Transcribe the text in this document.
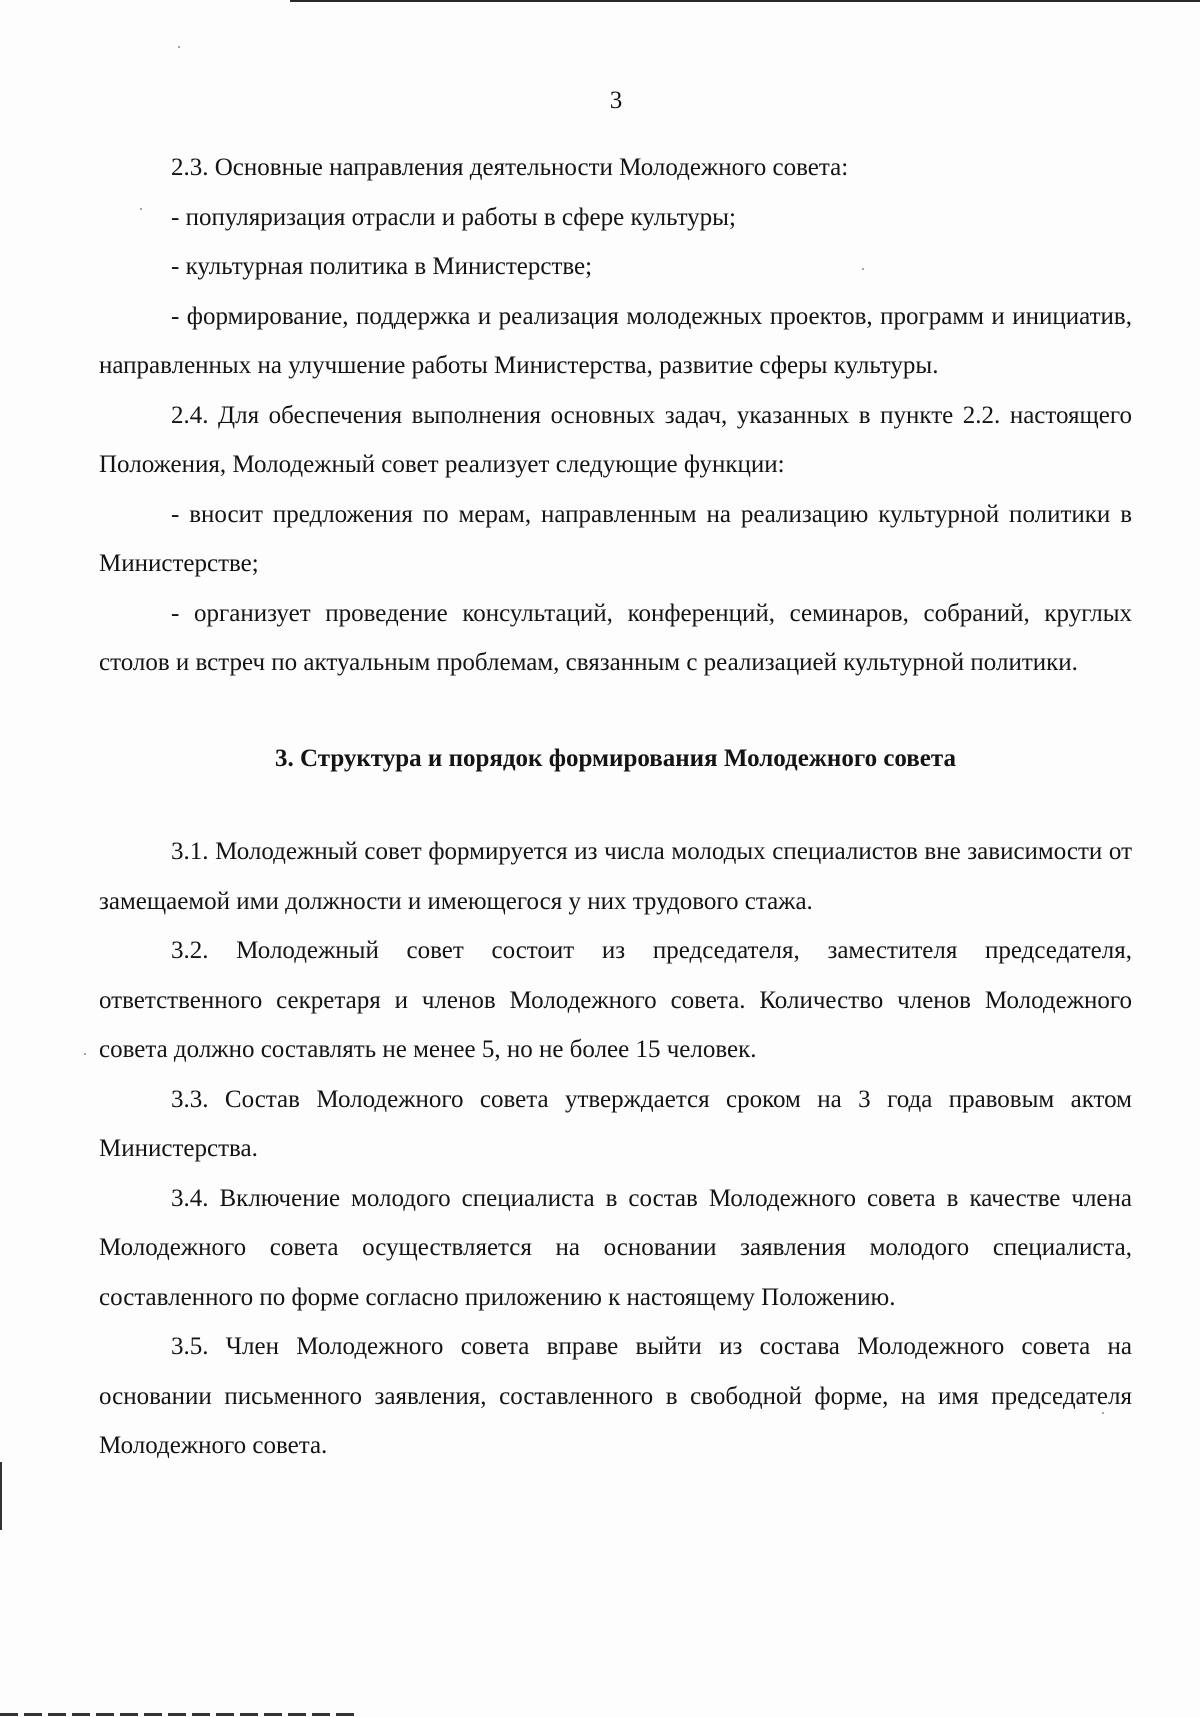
3

2.3. Основные направления деятельности Молодежного совета:

- популяризация отрасли и работы в сфере культуры;

- культурная политика в Министерстве;

- формирование, поддержка и реализация молодежных проектов, программ и инициатив, направленных на улучшение работы Министерства, развитие сферы культуры.

2.4. Для обеспечения выполнения основных задач, указанных в пункте 2.2. настоящего Положения, Молодежный совет реализует следующие функции:

- вносит предложения по мерам, направленным на реализацию культурной политики в Министерстве;

- организует проведение консультаций, конференций, семинаров, собраний, круглых столов и встреч по актуальным проблемам, связанным с реализацией культурной политики.

3. Структура и порядок формирования Молодежного совета

3.1. Молодежный совет формируется из числа молодых специалистов вне зависимости от замещаемой ими должности и имеющегося у них трудового стажа.

3.2. Молодежный совет состоит из председателя, заместителя председателя, ответственного секретаря и членов Молодежного совета. Количество членов Молодежного совета должно составлять не менее 5, но не более 15 человек.

3.3. Состав Молодежного совета утверждается сроком на 3 года правовым актом Министерства.

3.4. Включение молодого специалиста в состав Молодежного совета в качестве члена Молодежного совета осуществляется на основании заявления молодого специалиста, составленного по форме согласно приложению к настоящему Положению.

3.5. Член Молодежного совета вправе выйти из состава Молодежного совета на основании письменного заявления, составленного в свободной форме, на имя председателя Молодежного совета.
